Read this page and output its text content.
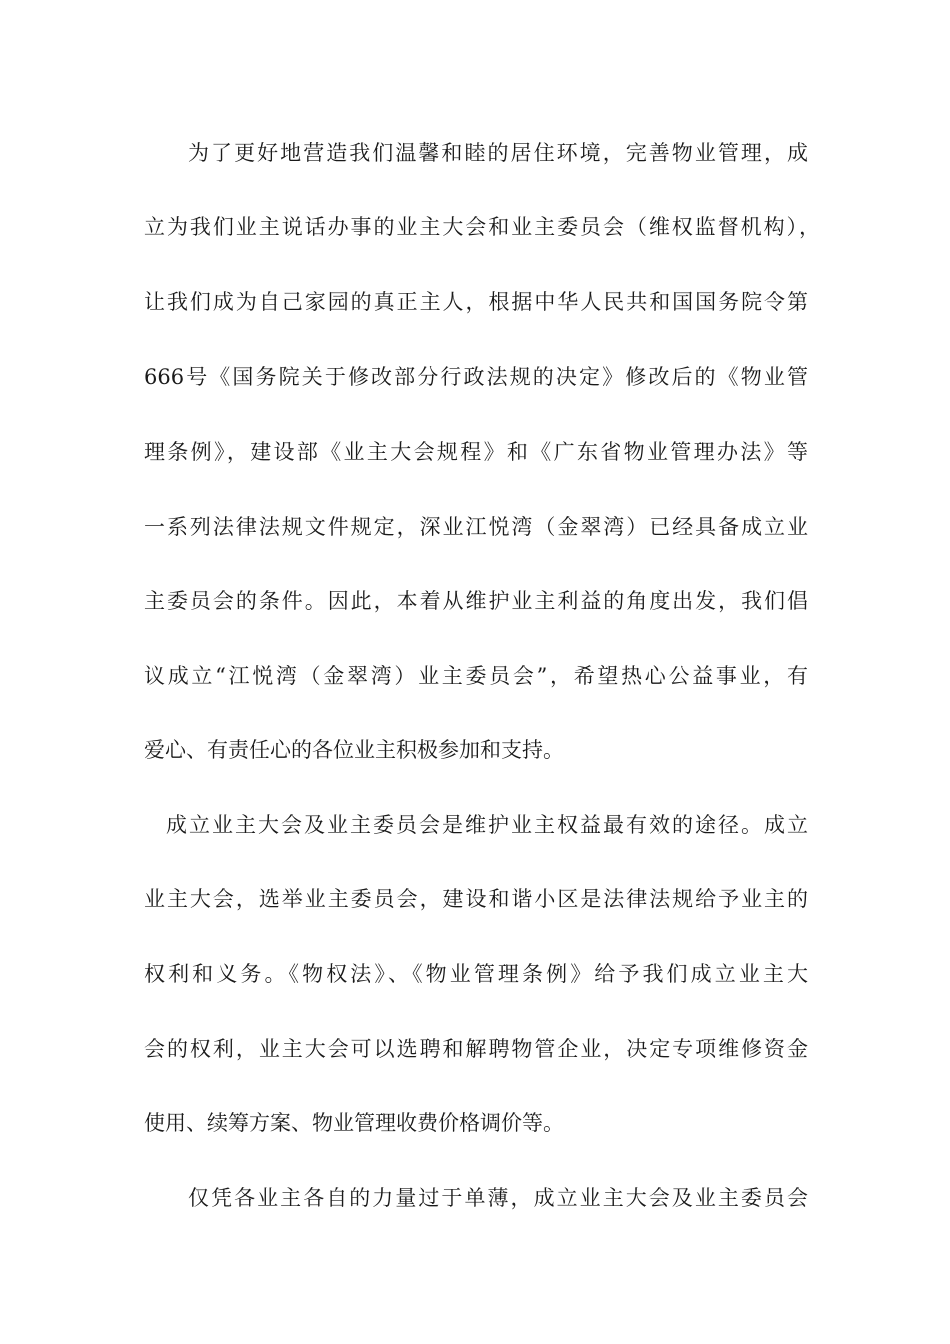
为了更好地营造我们温馨和睦的居住环境，完善物业管理，成
立为我们业主说话办事的业主大会和业主委员会（维权监督机构），
让我们成为自己家园的真正主人，根据中华人民共和国国务院令第
666号《国务院关于修改部分行政法规的决定》修改后的《物业管
理条例》，建设部《业主大会规程》和《广东省物业管理办法》等
一系列法律法规文件规定，深业江悦湾（金翠湾）已经具备成立业
主委员会的条件。因此，本着从维护业主利益的角度出发，我们倡
议成立“江悦湾（金翠湾）业主委员会”，希望热心公益事业，有
爱心、有责任心的各位业主积极参加和支持。
成立业主大会及业主委员会是维护业主权益最有效的途径。成立
业主大会，选举业主委员会，建设和谐小区是法律法规给予业主的
权利和义务。《物权法》、《物业管理条例》给予我们成立业主大
会的权利，业主大会可以选聘和解聘物管企业，决定专项维修资金
使用、续筹方案、物业管理收费价格调价等。
仅凭各业主各自的力量过于单薄，成立业主大会及业主委员会
